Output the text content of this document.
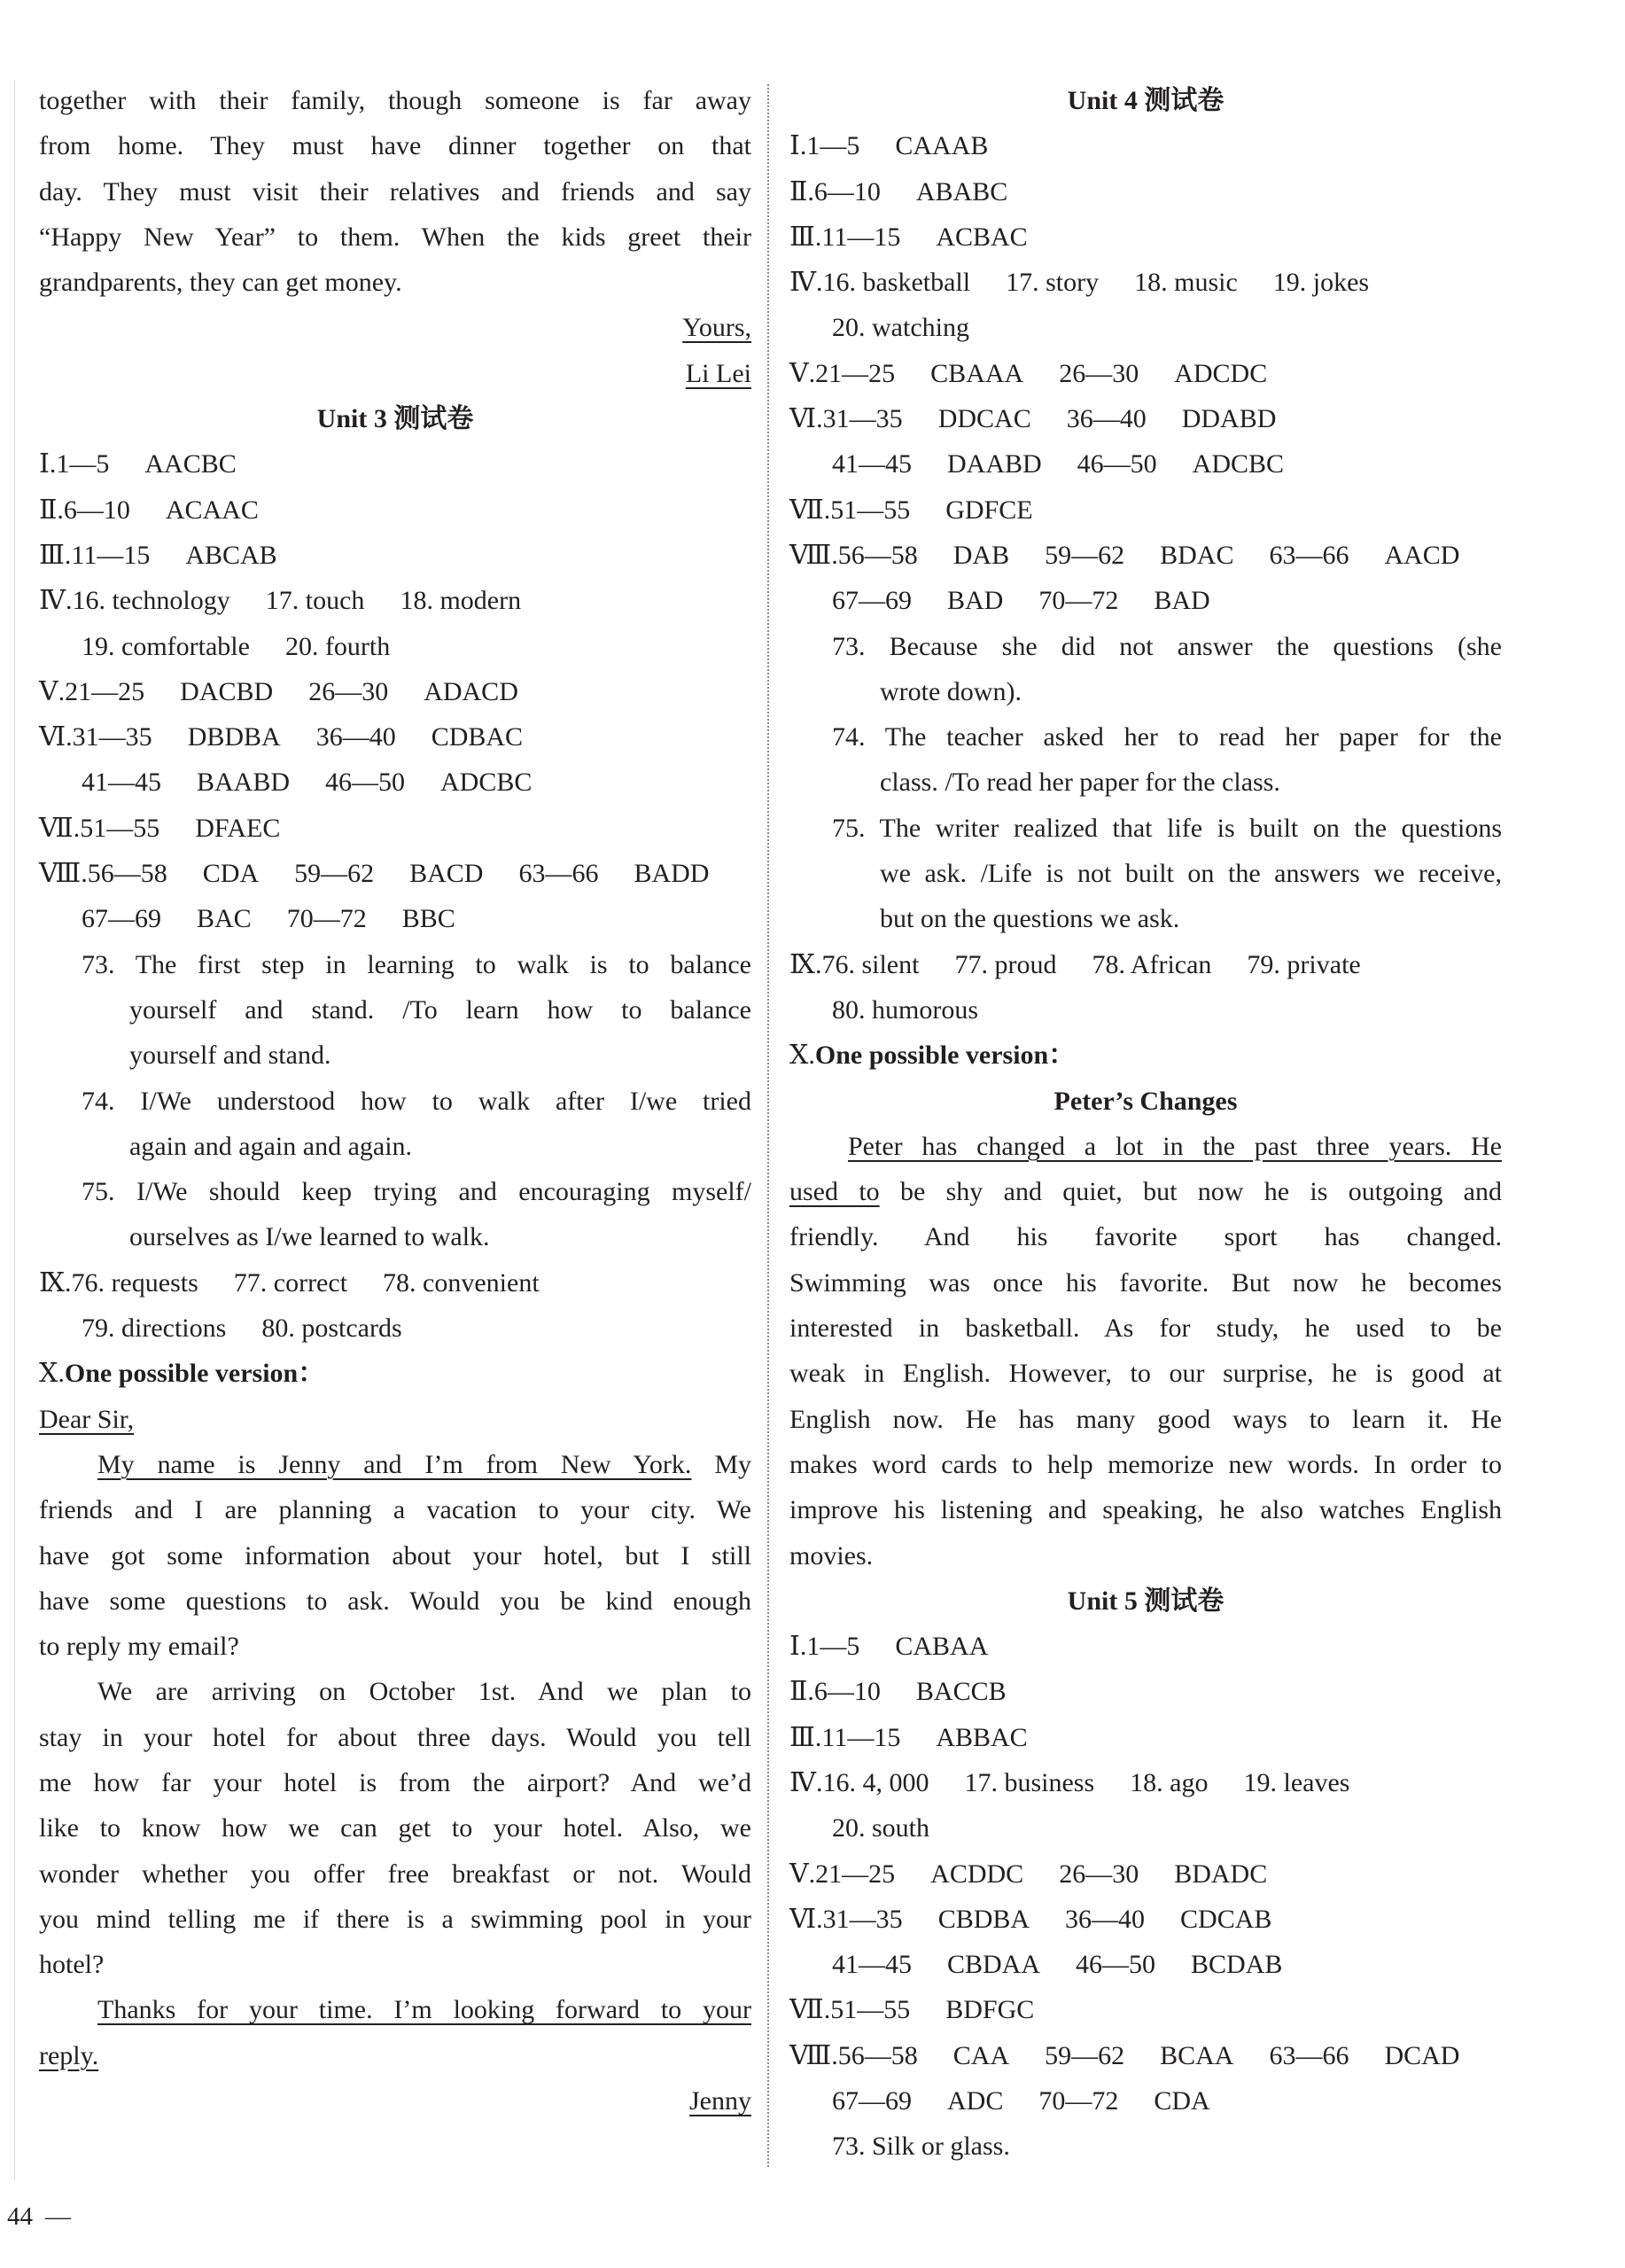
together with their family, though someone is far away
from home. They must have dinner together on that
day. They must visit their relatives and friends and say
“Happy New Year” to them. When the kids greet their
grandparents, they can get money.
Yours,
Li Lei
Unit 3 测试卷
Ⅰ.1—5 AACBC
Ⅱ.6—10 ACAAC
Ⅲ.11—15 ABCAB
Ⅳ.16. technology 17. touch 18. modern
19. comfortable 20. fourth
Ⅴ.21—25 DACBD 26—30 ADACD
Ⅵ.31—35 DBDBA 36—40 CDBAC
41—45 BAABD 46—50 ADCBC
Ⅶ.51—55 DFAEC
Ⅷ.56—58 CDA 59—62 BACD 63—66 BADD
67—69 BAC 70—72 BBC
73. The first step in learning to walk is to balance
yourself and stand. /To learn how to balance
yourself and stand.
74. I/We understood how to walk after I/we tried
again and again and again.
75. I/We should keep trying and encouraging myself/
ourselves as I/we learned to walk.
Ⅸ.76. requests 77. correct 78. convenient
79. directions 80. postcards
Ⅹ.One possible version：
Dear Sir,
My name is Jenny and I’m from New York. My
friends and I are planning a vacation to your city. We
have got some information about your hotel, but I still
have some questions to ask. Would you be kind enough
to reply my email?
We are arriving on October 1st. And we plan to
stay in your hotel for about three days. Would you tell
me how far your hotel is from the airport? And we’d
like to know how we can get to your hotel. Also, we
wonder whether you offer free breakfast or not. Would
you mind telling me if there is a swimming pool in your
hotel?
Thanks for your time. I’m looking forward to your
reply.
Jenny
Unit 4 测试卷
Ⅰ.1—5 CAAAB
Ⅱ.6—10 ABABC
Ⅲ.11—15 ACBAC
Ⅳ.16. basketball 17. story 18. music 19. jokes
20. watching
Ⅴ.21—25 CBAAA 26—30 ADCDC
Ⅵ.31—35 DDCAC 36—40 DDABD
41—45 DAABD 46—50 ADCBC
Ⅶ.51—55 GDFCE
Ⅷ.56—58 DAB 59—62 BDAC 63—66 AACD
67—69 BAD 70—72 BAD
73. Because she did not answer the questions (she
wrote down).
74. The teacher asked her to read her paper for the
class. /To read her paper for the class.
75. The writer realized that life is built on the questions
we ask. /Life is not built on the answers we receive,
but on the questions we ask.
Ⅸ.76. silent 77. proud 78. African 79. private
80. humorous
Ⅹ.One possible version：
Peter’s Changes
Peter has changed a lot in the past three years. He
used to be shy and quiet, but now he is outgoing and
friendly. And his favorite sport has changed.
Swimming was once his favorite. But now he becomes
interested in basketball. As for study, he used to be
weak in English. However, to our surprise, he is good at
English now. He has many good ways to learn it. He
makes word cards to help memorize new words. In order to
improve his listening and speaking, he also watches English
movies.
Unit 5 测试卷
Ⅰ.1—5 CABAA
Ⅱ.6—10 BACCB
Ⅲ.11—15 ABBAC
Ⅳ.16. 4, 000 17. business 18. ago 19. leaves
20. south
Ⅴ.21—25 ACDDC 26—30 BDADC
Ⅵ.31—35 CBDBA 36—40 CDCAB
41—45 CBDAA 46—50 BCDAB
Ⅶ.51—55 BDFGC
Ⅷ.56—58 CAA 59—62 BCAA 63—66 DCAD
67—69 ADC 70—72 CDA
73. Silk or glass.
44 —
